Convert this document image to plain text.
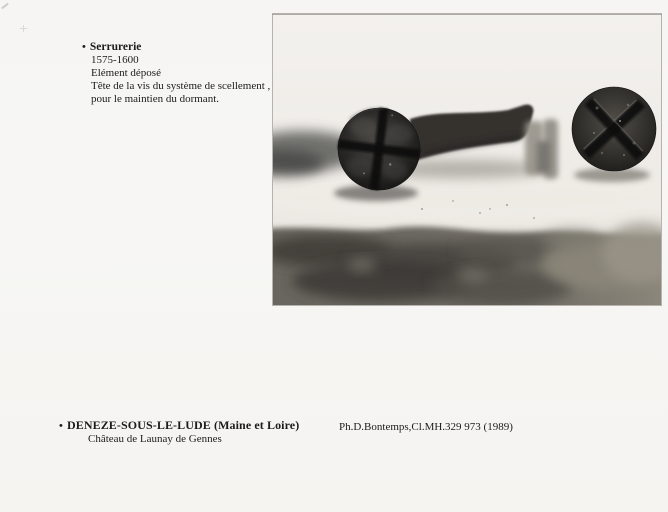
• Serrurerie
1575-1600
Elément déposé
Tête de la vis du système de scellement ,
pour le maintien du dormant.
• DENEZE-SOUS-LE-LUDE (Maine et Loire)
Château de Launay de Gennes
Ph.D.Bontemps,Cl.MH.329 973 (1989)
